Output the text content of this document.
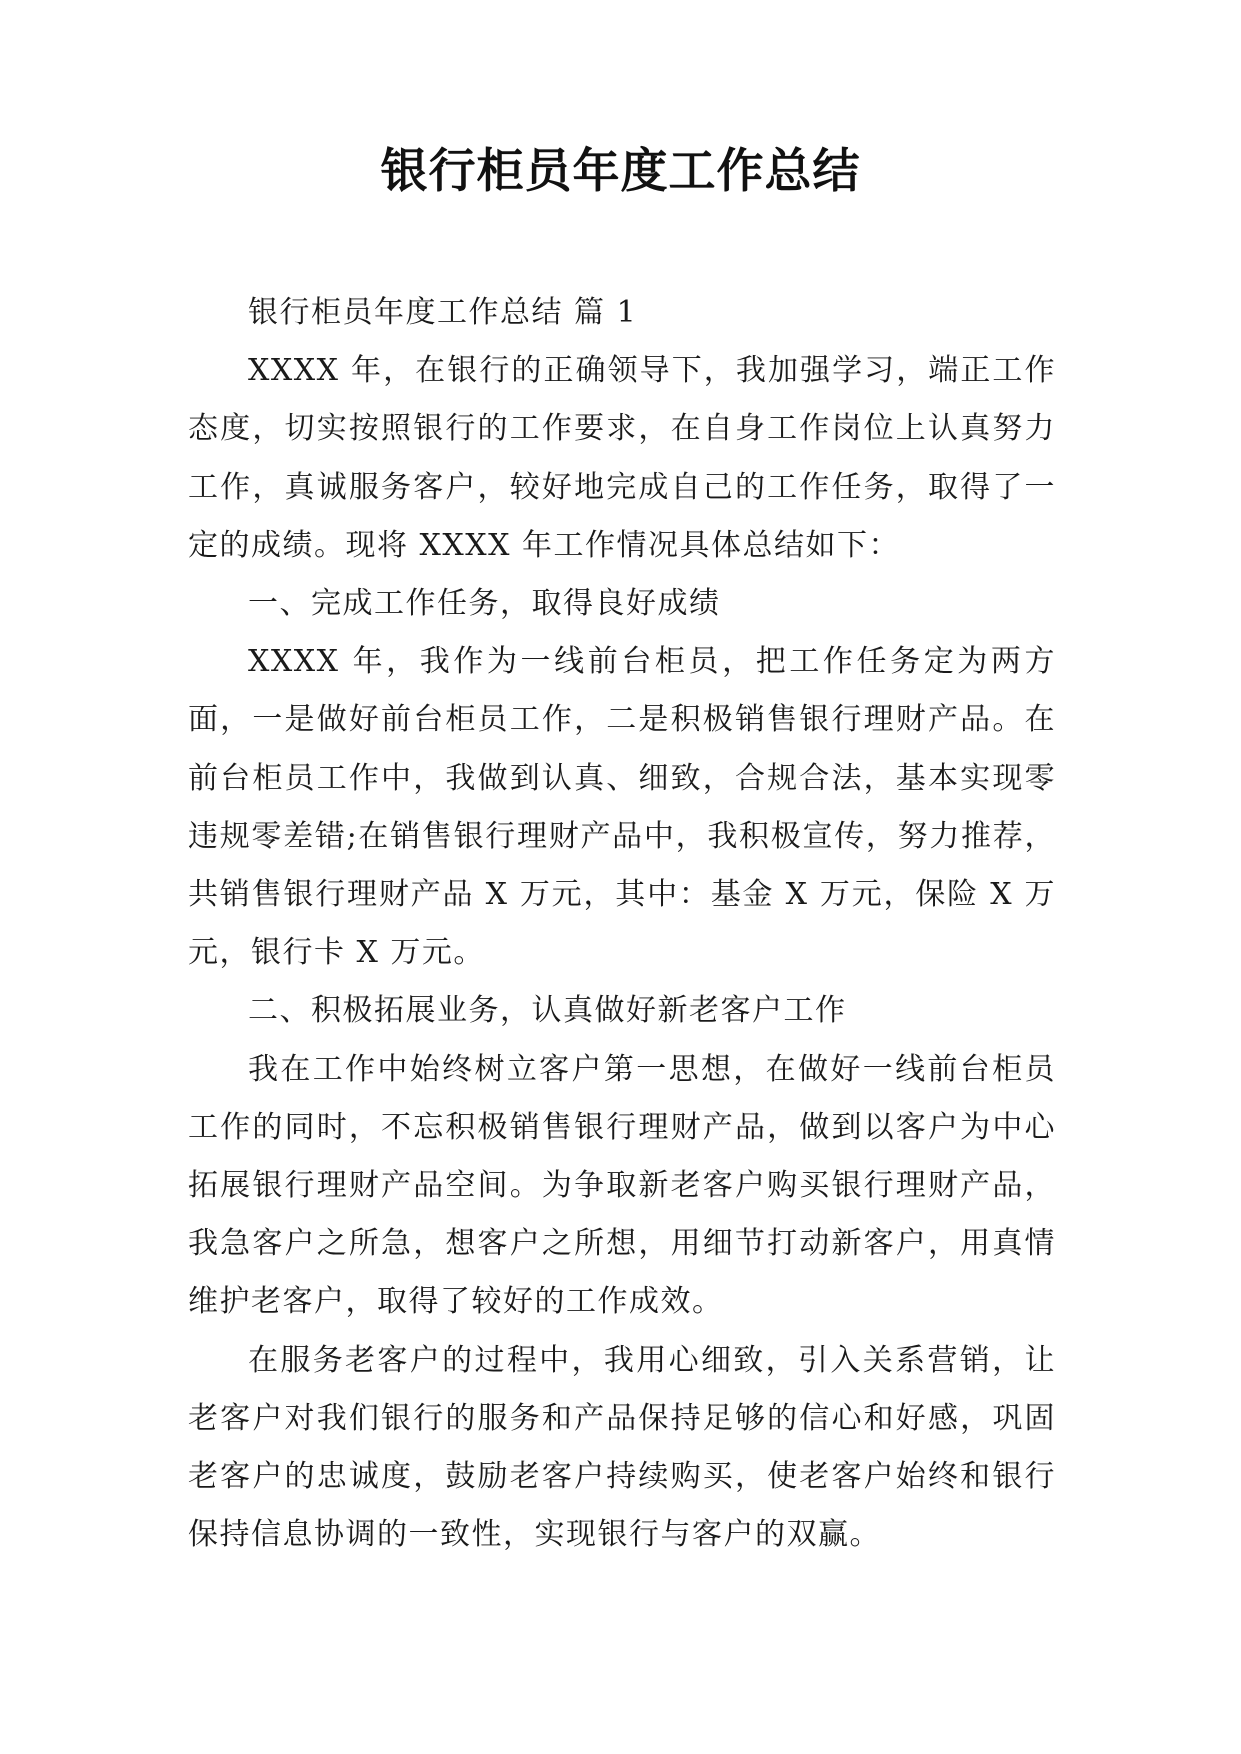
银行柜员年度工作总结

银行柜员年度工作总结 篇 1

XXXX 年，在银行的正确领导下，我加强学习，端正工作态度，切实按照银行的工作要求，在自身工作岗位上认真努力工作，真诚服务客户，较好地完成自己的工作任务，取得了一定的成绩。现将 XXXX 年工作情况具体总结如下：

一、完成工作任务，取得良好成绩

XXXX 年，我作为一线前台柜员，把工作任务定为两方面，一是做好前台柜员工作，二是积极销售银行理财产品。在前台柜员工作中，我做到认真、细致，合规合法，基本实现零违规零差错;在销售银行理财产品中，我积极宣传，努力推荐，共销售银行理财产品 X 万元，其中：基金 X 万元，保险 X 万元，银行卡 X 万元。

二、积极拓展业务，认真做好新老客户工作

我在工作中始终树立客户第一思想，在做好一线前台柜员工作的同时，不忘积极销售银行理财产品，做到以客户为中心拓展银行理财产品空间。为争取新老客户购买银行理财产品，我急客户之所急，想客户之所想，用细节打动新客户，用真情维护老客户，取得了较好的工作成效。

在服务老客户的过程中，我用心细致，引入关系营销，让老客户对我们银行的服务和产品保持足够的信心和好感，巩固老客户的忠诚度，鼓励老客户持续购买，使老客户始终和银行保持信息协调的一致性，实现银行与客户的双赢。
